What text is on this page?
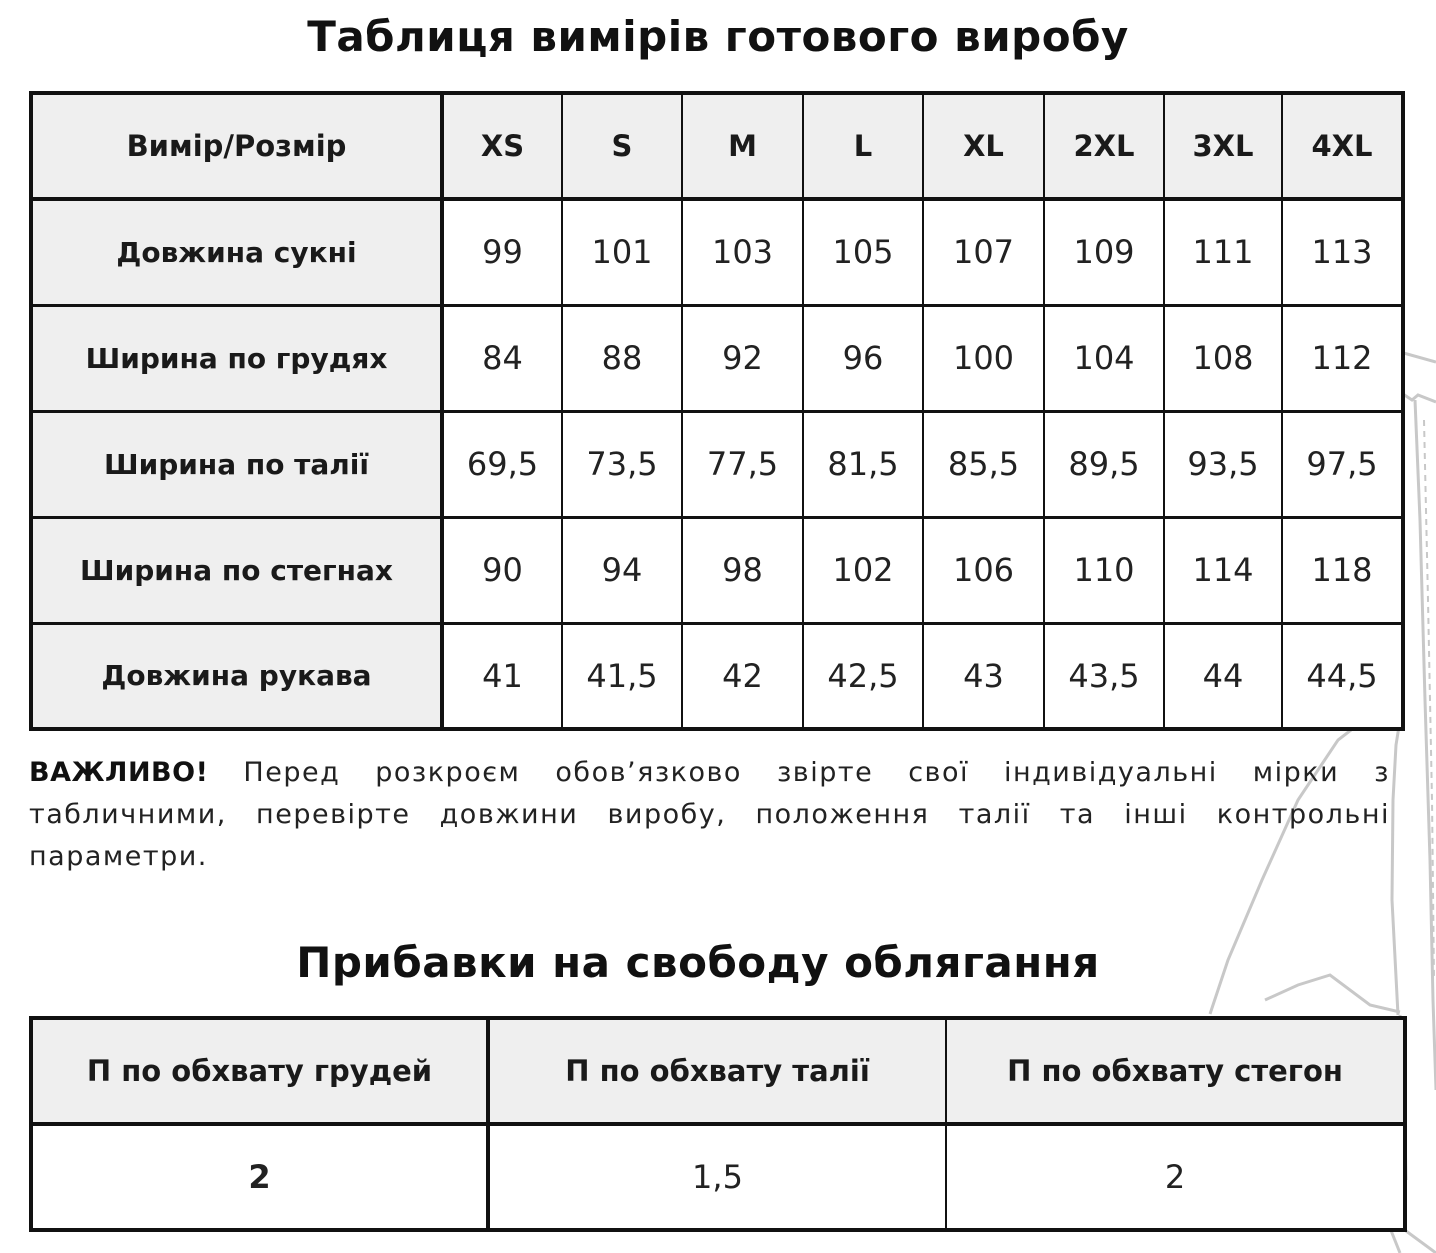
Таблиця вимірів готового виробу
Вимір/Розмір	XS	S	M	L	XL	2XL	3XL	4XL
Довжина сукні	99	101	103	105	107	109	111	113
Ширина по грудях	84	88	92	96	100	104	108	112
Ширина по талії	69,5	73,5	77,5	81,5	85,5	89,5	93,5	97,5
Ширина по стегнах	90	94	98	102	106	110	114	118
Довжина рукава	41	41,5	42	42,5	43	43,5	44	44,5
ВАЖЛИВО! Перед розкроєм обов’язково звірте свої індивідуальні мірки з табличними, перевірте довжини виробу, положення талії та інші контрольні параметри.
Прибавки на свободу облягання
П по обхвату грудей	П по обхвату талії	П по обхвату стегон
2	1,5	2
